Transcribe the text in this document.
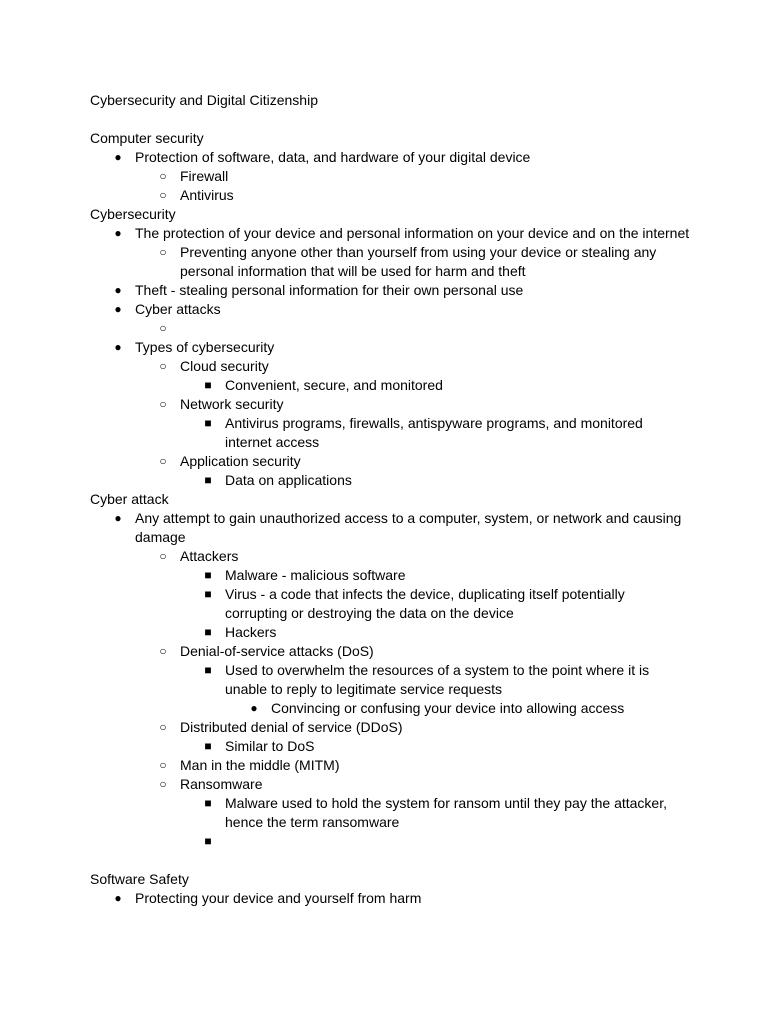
Cybersecurity and Digital Citizenship
Computer security
● Protection of software, data, and hardware of your digital device
○ Firewall
○ Antivirus
Cybersecurity
● The protection of your device and personal information on your device and on the internet
○ Preventing anyone other than yourself from using your device or stealing any personal information that will be used for harm and theft
● Theft - stealing personal information for their own personal use
● Cyber attacks
○
● Types of cybersecurity
○ Cloud security
■ Convenient, secure, and monitored
○ Network security
■ Antivirus programs, firewalls, antispyware programs, and monitored internet access
○ Application security
■ Data on applications
Cyber attack
● Any attempt to gain unauthorized access to a computer, system, or network and causing damage
○ Attackers
■ Malware - malicious software
■ Virus - a code that infects the device, duplicating itself potentially corrupting or destroying the data on the device
■ Hackers
○ Denial-of-service attacks (DoS)
■ Used to overwhelm the resources of a system to the point where it is unable to reply to legitimate service requests
● Convincing or confusing your device into allowing access
○ Distributed denial of service (DDoS)
■ Similar to DoS
○ Man in the middle (MITM)
○ Ransomware
■ Malware used to hold the system for ransom until they pay the attacker, hence the term ransomware
■
Software Safety
● Protecting your device and yourself from harm
